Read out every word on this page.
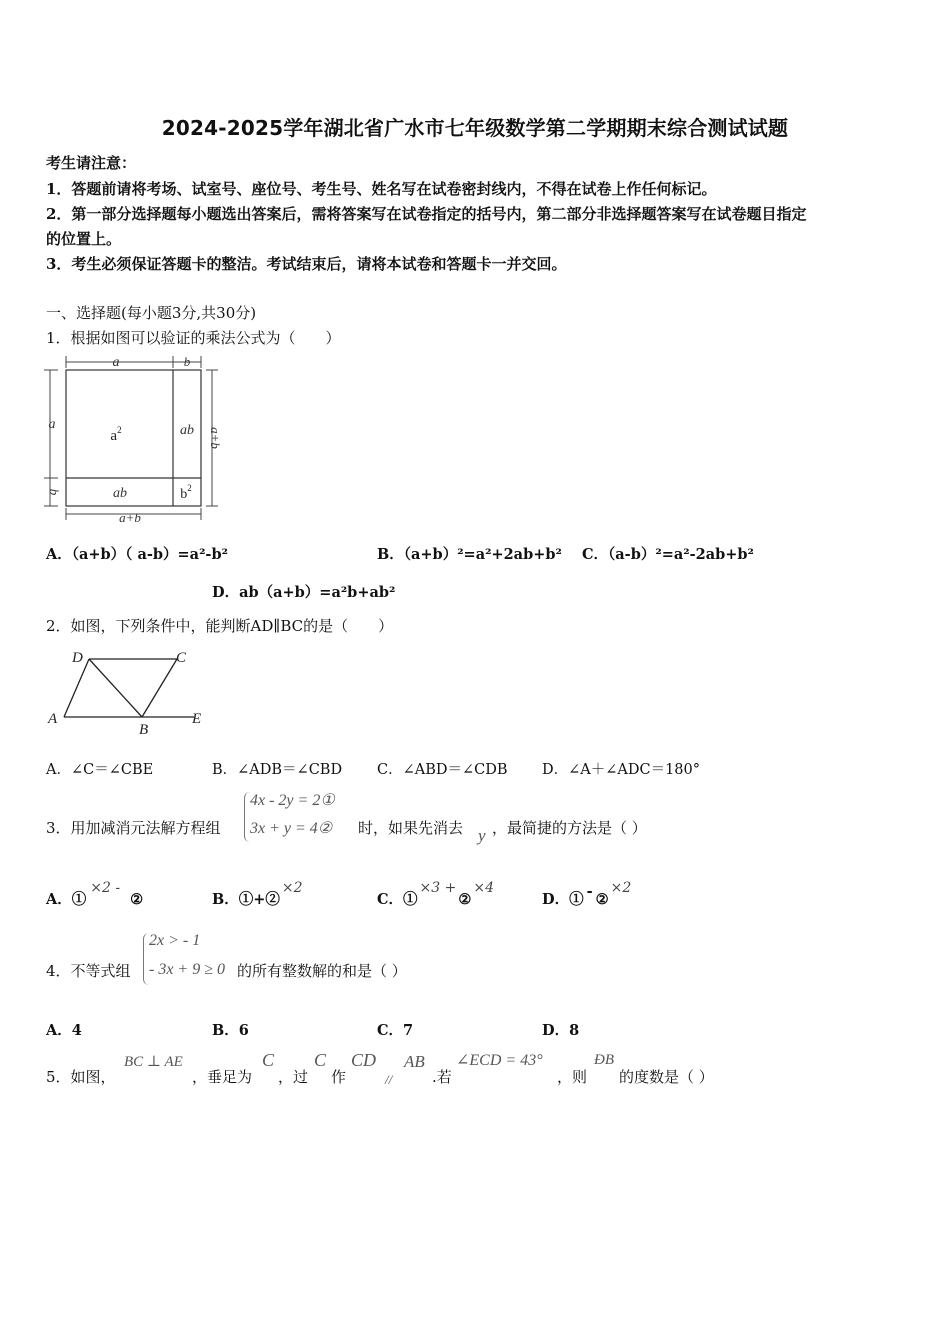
2024-2025学年湖北省广水市七年级数学第二学期期末综合测试试题
考生请注意：
1．答题前请将考场、试室号、座位号、考生号、姓名写在试卷密封线内，不得在试卷上作任何标记。
2．第一部分选择题每小题选出答案后，需将答案写在试卷指定的括号内，第二部分非选择题答案写在试卷题目指定
的位置上。
3．考生必须保证答题卡的整洁。考试结束后，请将本试卷和答题卡一并交回。
一、选择题(每小题3分,共30分)
1．根据如图可以验证的乘法公式为（　　）
a	b
a
b
a+b
a+b
$a^2$	ab
ab	$b^2$
A．（a+b）（ a-b）=a²-b²	B．（a+b）²=a²+2ab+b² C．（a-b）²=a²-2ab+b²
D．ab（a+b）=a²b+ab²
2．如图，下列条件中，能判断AD∥BC的是（　　）
D	C
A
B
E
A．∠C＝∠CBE	B．∠ADB＝∠CBD C．∠ABD＝∠CDB D．∠A＋∠ADC＝180°
3．用加减消元法解方程组
4x - 2y = 2①
3x + y = 4② 时，如果先消去 y ，最简捷的方法是（ ）
A．①×2 -②	B．①+②×2
C．①×3 +②×4
D．① - ②×2
4．不等式组
2x > - 1
- 3x + 9 ≥ 0 的所有整数解的和是（ ）
A．4	B．6	C．7	D．8
5．如图，
BC ⊥ AE
，垂足为
C
，过
C
作
CD
//
AB
.若
∠ECD = 43°
，则
ÐB
的度数是（ ）
